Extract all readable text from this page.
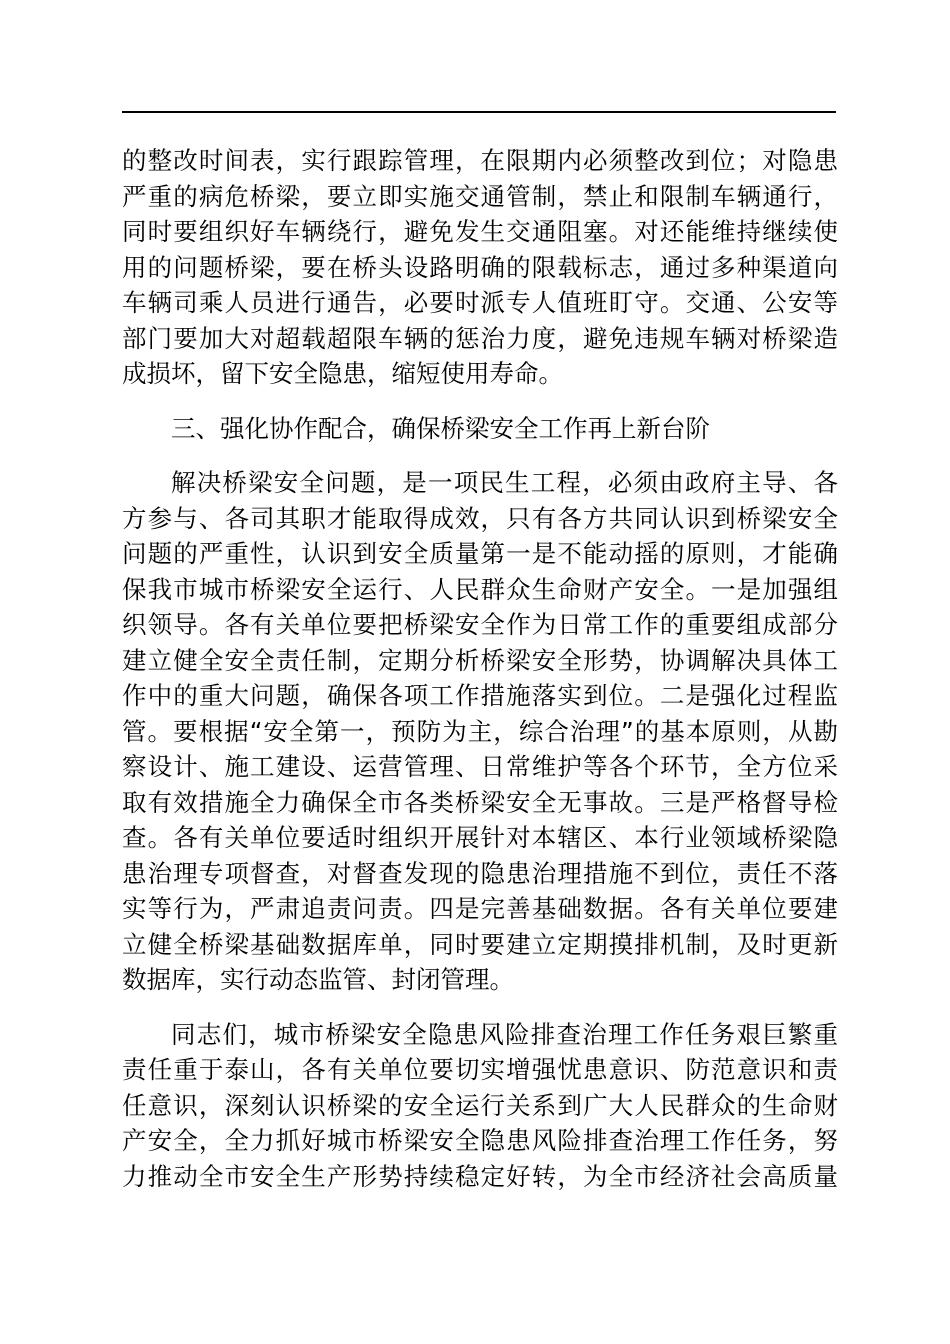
的整改时间表，实行跟踪管理，在限期内必须整改到位；对隐患
严重的病危桥梁，要立即实施交通管制，禁止和限制车辆通行，
同时要组织好车辆绕行，避免发生交通阻塞。对还能维持继续使
用的问题桥梁，要在桥头设路明确的限载标志，通过多种渠道向
车辆司乘人员进行通告，必要时派专人值班盯守。交通、公安等
部门要加大对超载超限车辆的惩治力度，避免违规车辆对桥梁造
成损坏，留下安全隐患，缩短使用寿命。
三、强化协作配合，确保桥梁安全工作再上新台阶
解决桥梁安全问题，是一项民生工程，必须由政府主导、各
方参与、各司其职才能取得成效，只有各方共同认识到桥梁安全
问题的严重性，认识到安全质量第一是不能动摇的原则，才能确
保我市城市桥梁安全运行、人民群众生命财产安全。一是加强组
织领导。各有关单位要把桥梁安全作为日常工作的重要组成部分
建立健全安全责任制，定期分析桥梁安全形势，协调解决具体工
作中的重大问题，确保各项工作措施落实到位。二是强化过程监
管。要根据“安全第一，预防为主，综合治理”的基本原则，从勘
察设计、施工建设、运营管理、日常维护等各个环节，全方位采
取有效措施全力确保全市各类桥梁安全无事故。三是严格督导检
查。各有关单位要适时组织开展针对本辖区、本行业领域桥梁隐
患治理专项督查，对督查发现的隐患治理措施不到位，责任不落
实等行为，严肃追责问责。四是完善基础数据。各有关单位要建
立健全桥梁基础数据库单，同时要建立定期摸排机制，及时更新
数据库，实行动态监管、封闭管理。
同志们，城市桥梁安全隐患风险排查治理工作任务艰巨繁重
责任重于泰山，各有关单位要切实增强忧患意识、防范意识和责
任意识，深刻认识桥梁的安全运行关系到广大人民群众的生命财
产安全，全力抓好城市桥梁安全隐患风险排查治理工作任务，努
力推动全市安全生产形势持续稳定好转，为全市经济社会高质量
